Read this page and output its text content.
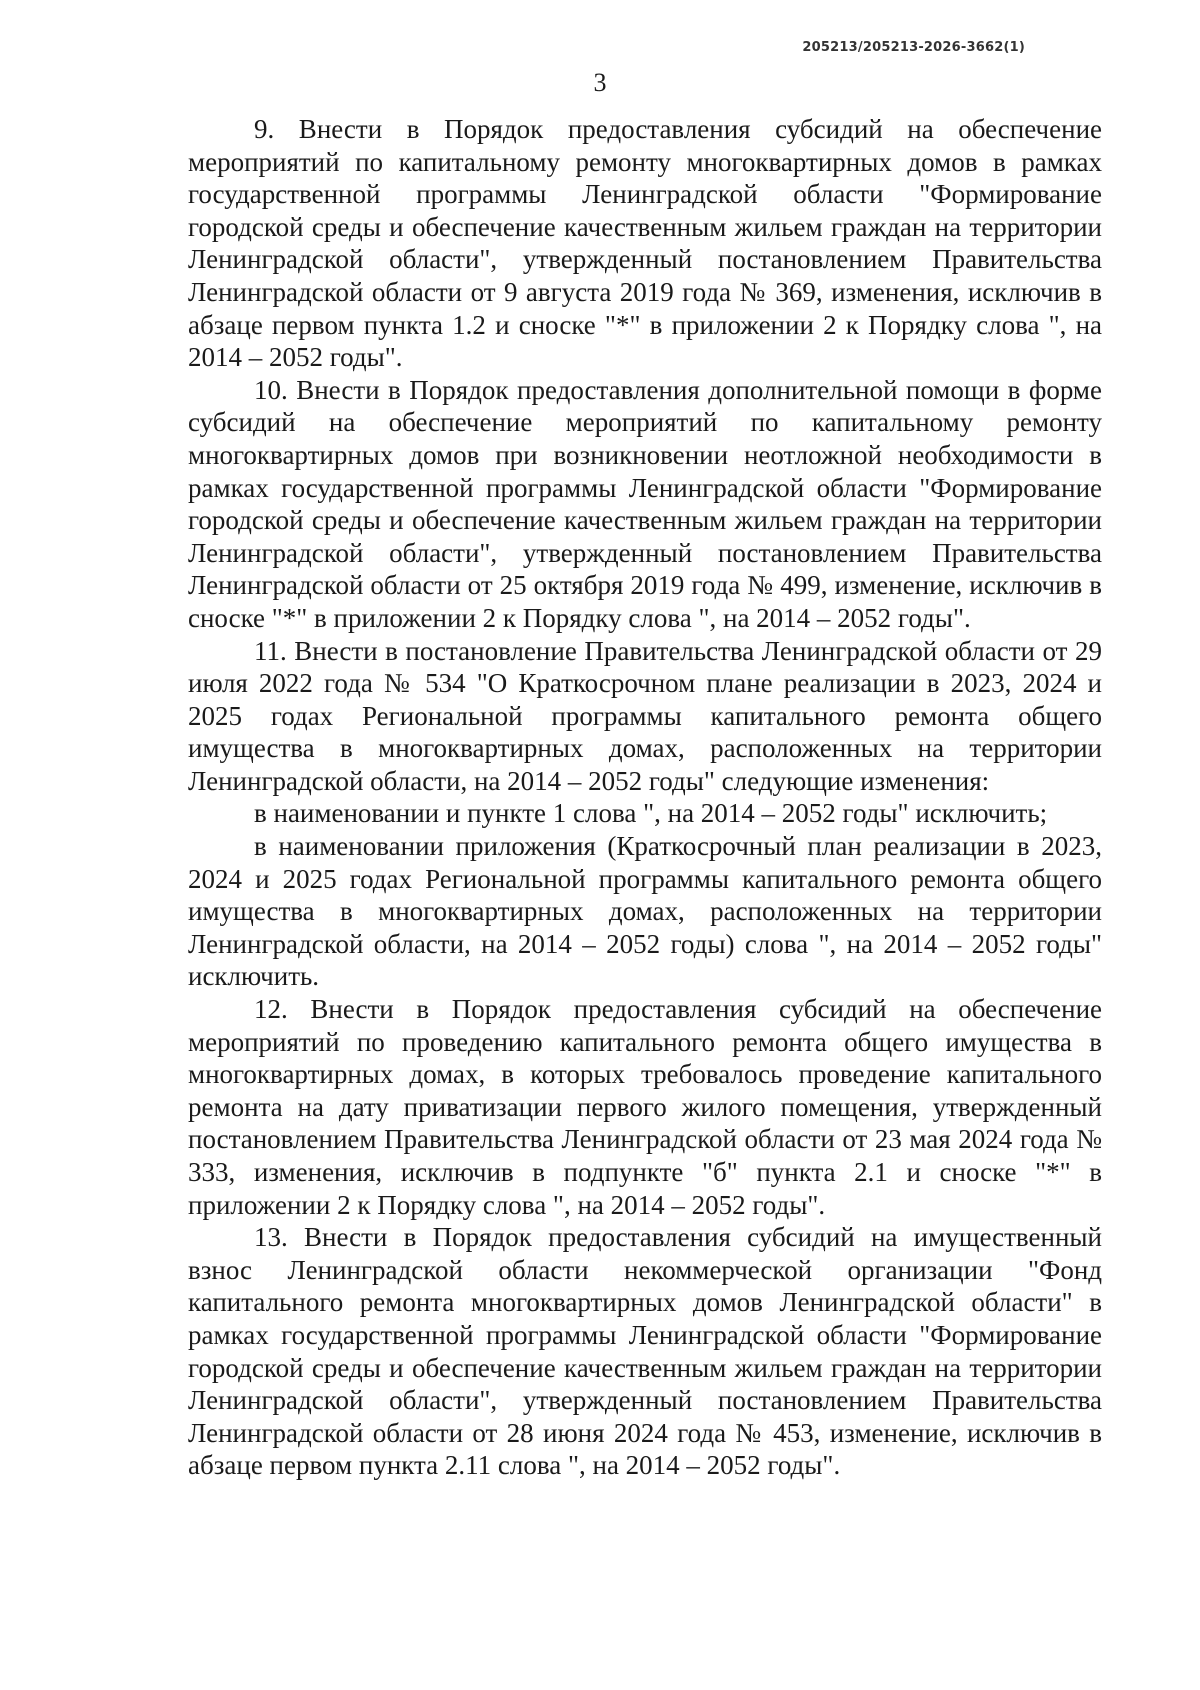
205213/205213-2026-3662(1)
3

9. Внести в Порядок предоставления субсидий на обеспечение мероприятий по капитальному ремонту многоквартирных домов в рамках государственной программы Ленинградской области "Формирование городской среды и обеспечение качественным жильем граждан на территории Ленинградской области", утвержденный постановлением Правительства Ленинградской области от 9 августа 2019 года № 369, изменения, исключив в абзаце первом пункта 1.2 и сноске "*" в приложении 2 к Порядку слова ", на 2014 – 2052 годы".

10. Внести в Порядок предоставления дополнительной помощи в форме субсидий на обеспечение мероприятий по капитальному ремонту многоквартирных домов при возникновении неотложной необходимости в рамках государственной программы Ленинградской области "Формирование городской среды и обеспечение качественным жильем граждан на территории Ленинградской области", утвержденный постановлением Правительства Ленинградской области от 25 октября 2019 года № 499, изменение, исключив в сноске "*" в приложении 2 к Порядку слова ", на 2014 – 2052 годы".

11. Внести в постановление Правительства Ленинградской области от 29 июля 2022 года № 534 "О Краткосрочном плане реализации в 2023, 2024 и 2025 годах Региональной программы капитального ремонта общего имущества в многоквартирных домах, расположенных на территории Ленинградской области, на 2014 – 2052 годы" следующие изменения:

в наименовании и пункте 1 слова ", на 2014 – 2052 годы" исключить;

в наименовании приложения (Краткосрочный план реализации в 2023, 2024 и 2025 годах Региональной программы капитального ремонта общего имущества в многоквартирных домах, расположенных на территории Ленинградской области, на 2014 – 2052 годы) слова ", на 2014 – 2052 годы" исключить.

12. Внести в Порядок предоставления субсидий на обеспечение мероприятий по проведению капитального ремонта общего имущества в многоквартирных домах, в которых требовалось проведение капитального ремонта на дату приватизации первого жилого помещения, утвержденный постановлением Правительства Ленинградской области от 23 мая 2024 года № 333, изменения, исключив в подпункте "б" пункта 2.1 и сноске "*" в приложении 2 к Порядку слова ", на 2014 – 2052 годы".

13. Внести в Порядок предоставления субсидий на имущественный взнос Ленинградской области некоммерческой организации "Фонд капитального ремонта многоквартирных домов Ленинградской области" в рамках государственной программы Ленинградской области "Формирование городской среды и обеспечение качественным жильем граждан на территории Ленинградской области", утвержденный постановлением Правительства Ленинградской области от 28 июня 2024 года № 453, изменение, исключив в абзаце первом пункта 2.11 слова ", на 2014 – 2052 годы".
